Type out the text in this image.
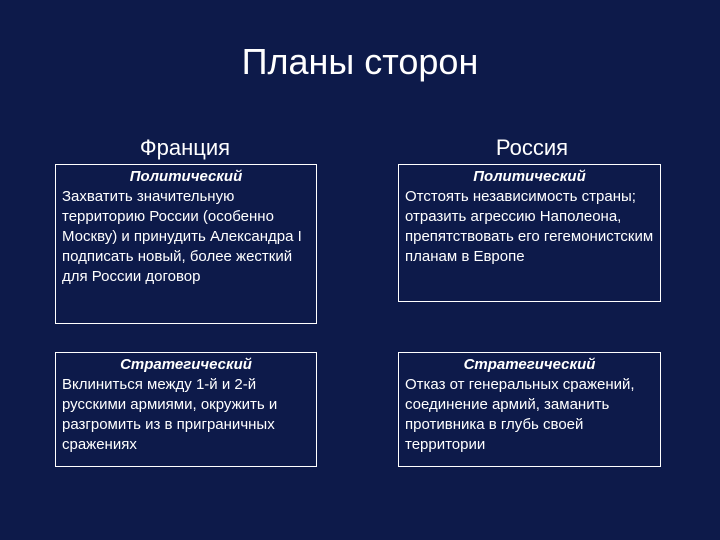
Планы сторон
Франция	Россия
Политический
Захватить значительную территорию России (особенно Москву) и принудить Александра I подписать новый, более жесткий для России договор
Политический
Отстоять независимость страны; отразить агрессию Наполеона, препятствовать его гегемонистским планам в Европе
Стратегический
Вклиниться между 1-й и 2-й русскими армиями, окружить и разгромить из в приграничных сражениях
Стратегический
Отказ от генеральных сражений, соединение армий, заманить противника в глубь своей территории
